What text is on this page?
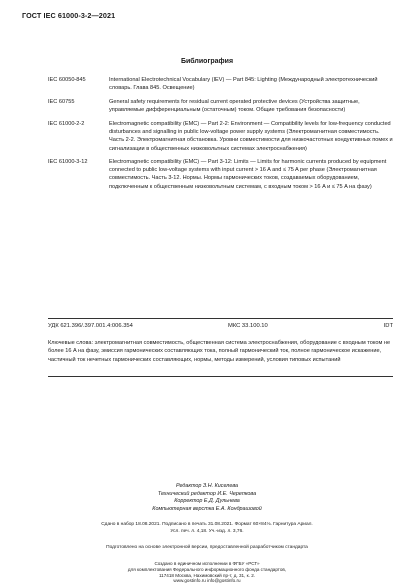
ГОСТ IEC 61000-3-2—2021
Библиография
IEC 60050-845	International Electrotechnical Vocabulary (IEV) — Part 845: Lighting (Международный электротехнический словарь. Глава 845. Освещение)
IEC 60755	General safety requirements for residual current operated protective devices (Устройства защитные, управляемые дифференциальным (остаточным) током. Общие требования безопасности)
IEC 61000-2-2	Electromagnetic compatibility (EMC) — Part 2-2: Environment — Compatibility levels for low-frequency conducted disturbances and signalling in public low-voltage power supply systems (Электромагнитная совместимость. Часть 2-2. Электромагнитная обстановка. Уровни совместимости для низкочастотных кондуктивных помех и сигнализации в общественных низковольтных системах электроснабжения)
IEC 61000-3-12	Electromagnetic compatibility (EMC) — Part 3-12: Limits — Limits for harmonic currents produced by equipment connected to public low-voltage systems with input current > 16 A and ≤ 75 A per phase (Электромагнитная совместимость. Часть 3-12. Нормы. Нормы гармонических токов, создаваемых оборудованием, подключенным к общественным низковольтным системам, с входным током > 16 A и ≤ 75 A на фазу)
УДК 621.396/.397.001.4:006.354	МКС 33.100.10	IDT
Ключевые слова: электромагнитная совместимость, общественная система электроснабжения, оборудование с входным током не более 16 A на фазу, эмиссия гармонических составляющих тока, полный гармонический ток, полное гармоническое искажение, частичный ток нечетных гармонических составляющих, нормы, методы измерений, условия типовых испытаний
Редактор З.Н. Киселева
Технический редактор И.Е. Черепкова
Корректор Е.Д. Дульнева
Компьютерная верстка Е.А. Кондрашовой
Сдано в набор 18.08.2021. Подписано в печать 31.08.2021. Формат 60×84⅛. Гарнитура Ариал.
Усл. печ. л. 4,18. Уч.-изд. л. 3,76.
Подготовлено на основе электронной версии, предоставленной разработчиком стандарта
Создано в единичном исполнении в ФГБУ «РСТ»
для комплектования Федерального информационного фонда стандартов,
117418 Москва, Нахимовский пр-т, д. 31, к. 2.
www.gostinfo.ru info@gostinfo.ru
